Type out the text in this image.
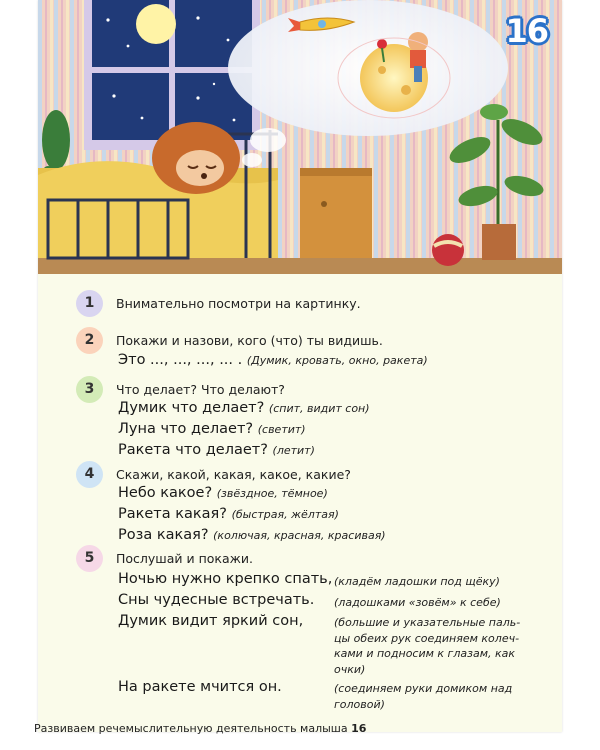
16
1	Внимательно посмотри на картинку.
2	Покажи и назови, кого (что) ты видишь.
Это ..., ..., ..., ... . (Думик, кровать, окно, ракета)
3	Что делает? Что делают?
Думик что делает? (спит, видит сон)
Луна что делает? (светит)
Ракета что делает? (летит)
4	Скажи, какой, какая, какое, какие?
Небо какое? (звёздное, тёмное)
Ракета какая? (быстрая, жёлтая)
Роза какая? (колючая, красная, красивая)
5	Послушай и покажи.
Ночью нужно крепко спать, (кладём ладошки под щёку)
Сны чудесные встречать. (ладошками «зовём» к себе)
Думик видит яркий сон,	(большие и указательные паль-цы обеих рук соединяем колеч-ками и подносим к глазам, как очки)
На ракете мчится он.	(соединяем руки домиком над головой)
Развиваем речемыслительную деятельность малыша 16
